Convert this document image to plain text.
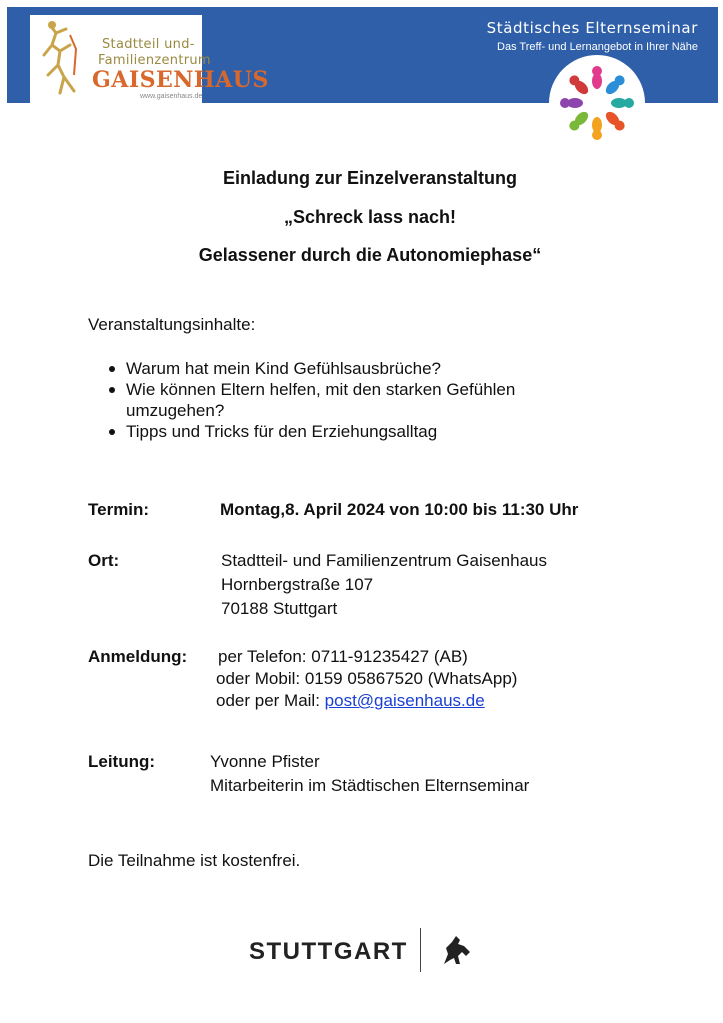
Städtisches Elternseminar
Das Treff- und Lernangebot in Ihrer Nähe
Stadtteil und-
Familienzentrum
GAISENHAUS
www.gaisenhaus.de
Einladung zur Einzelveranstaltung
„Schreck lass nach!
Gelassener durch die Autonomiephase“
Veranstaltungsinhalte:
Warum hat mein Kind Gefühlsausbrüche?
Wie können Eltern helfen, mit den starken Gefühlen umzugehen?
Tipps und Tricks für den Erziehungsalltag
Termin:	Montag,8. April 2024 von 10:00 bis 11:30 Uhr
Ort:	Stadtteil- und Familienzentrum Gaisenhaus
Hornbergstraße 107
70188 Stuttgart
Anmeldung: per Telefon: 0711-91235427 (AB)
oder Mobil: 0159 05867520 (WhatsApp)
oder per Mail: post@gaisenhaus.de
Leitung:	Yvonne Pfister
Mitarbeiterin im Städtischen Elternseminar
Die Teilnahme ist kostenfrei.
STUTTGART
